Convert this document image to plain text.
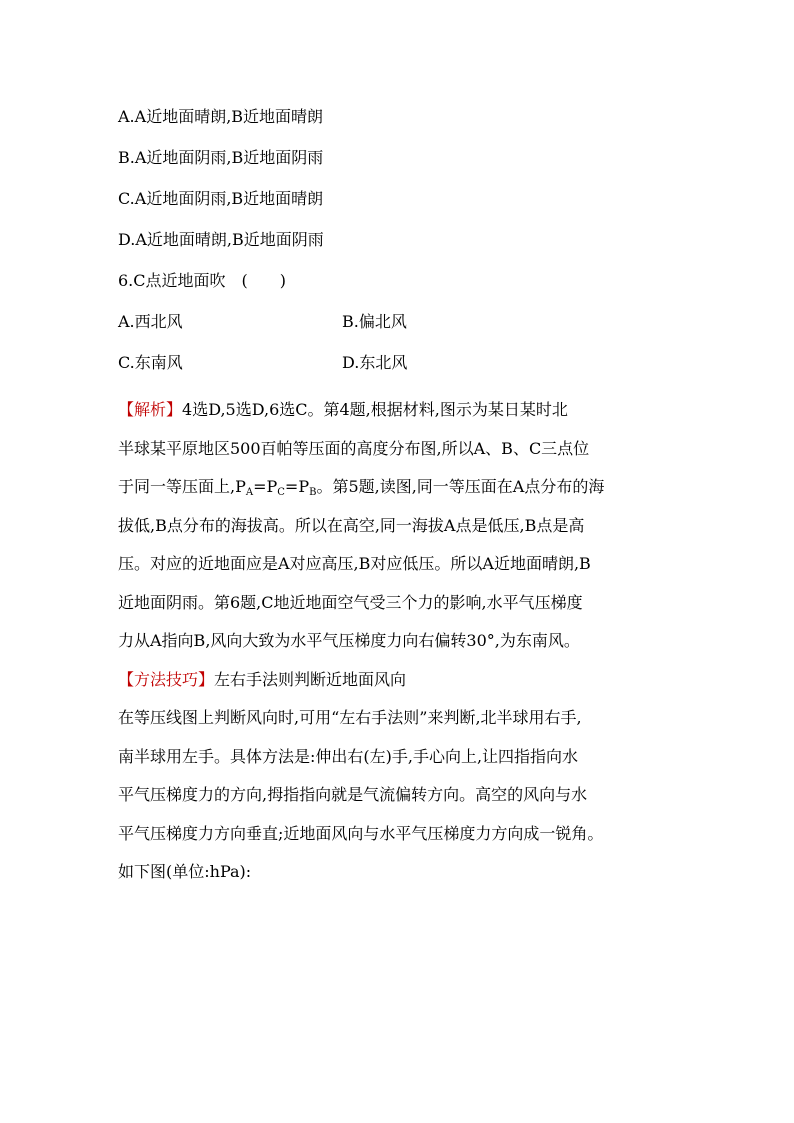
A.A近地面晴朗,B近地面晴朗
B.A近地面阴雨,B近地面阴雨
C.A近地面阴雨,B近地面晴朗
D.A近地面晴朗,B近地面阴雨
6.C点近地面吹　(　　)
A.西北风	B.偏北风
C.东南风	D.东北风

【解析】4选D,5选D,6选C。第4题,根据材料,图示为某日某时北

半球某平原地区500百帕等压面的高度分布图,所以A、B、C三点位

于同一等压面上$,P_A=P_C=P_B$。第5题,读图,同一等压面在A点分布的海

拔低,B点分布的海拔高。所以在高空,同一海拔A点是低压,B点是高

压。对应的近地面应是A对应高压,B对应低压。所以A近地面晴朗,B

近地面阴雨。第6题,C地近地面空气受三个力的影响,水平气压梯度

力从A指向B,风向大致为水平气压梯度力向右偏转30°,为东南风。

【方法技巧】左右手法则判断近地面风向

在等压线图上判断风向时,可用“左右手法则”来判断,北半球用右手,

南半球用左手。具体方法是:伸出右(左)手,手心向上,让四指指向水

平气压梯度力的方向,拇指指向就是气流偏转方向。高空的风向与水

平气压梯度力方向垂直;近地面风向与水平气压梯度力方向成一锐角。

如下图(单位:hPa):
